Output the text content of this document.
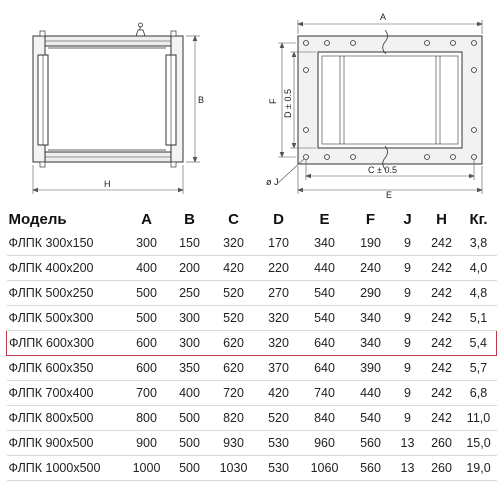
B
H
A
F D ± 0.5
C ± 0.5
E
ø J
Модель	A	B	C	D	E	F	J	H	Кг.
ФЛПК 300х150	300	150	320	170	340	190	9	242	3,8
ФЛПК 400х200	400	200	420	220	440	240	9	242	4,0
ФЛПК 500х250	500	250	520	270	540	290	9	242	4,8
ФЛПК 500х300	500	300	520	320	540	340	9	242	5,1
ФЛПК 600х300	600	300	620	320	640	340	9	242	5,4
ФЛПК 600х350	600	350	620	370	640	390	9	242	5,7
ФЛПК 700х400	700	400	720	420	740	440	9	242	6,8
ФЛПК 800х500	800	500	820	520	840	540	9	242	11,0
ФЛПК 900х500	900	500	930	530	960	560	13	260	15,0
ФЛПК 1000х500	1000	500	1030	530	1060	560	13	260	19,0
